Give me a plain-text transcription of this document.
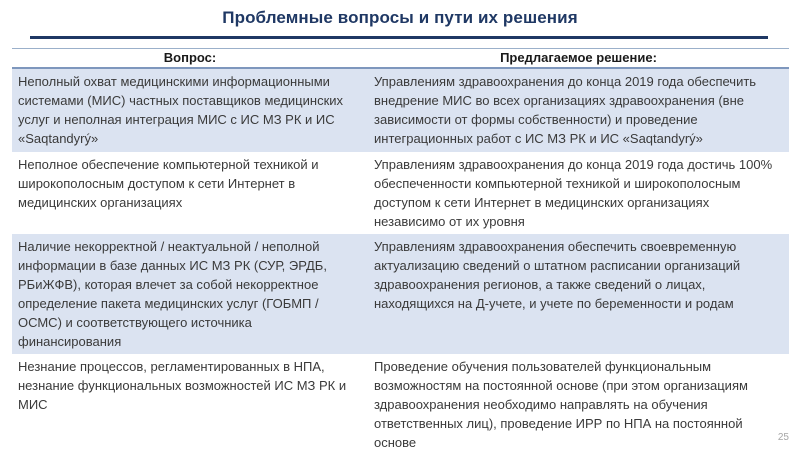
Проблемные вопросы и пути их решения
Вопрос:	Предлагаемое решение:
Неполный охват медицинскими информационными системами (МИС) частных поставщиков медицинских услуг и неполная интеграция МИС с ИС МЗ РК и ИС «Saqtandyrý»	Управлениям здравоохранения до конца 2019 года обеспечить внедрение МИС во всех организациях здравоохранения (вне зависимости от формы собственности) и проведение интеграционных работ с ИС МЗ РК и ИС «Saqtandyrý»
Неполное обеспечение компьютерной техникой и широкополосным доступом к сети Интернет в медицинских организациях	Управлениям здравоохранения до конца 2019 года достичь 100% обеспеченности компьютерной техникой и широкополосным доступом к сети Интернет в медицинских организациях независимо от их уровня
Наличие некорректной / неактуальной / неполной информации в базе данных ИС МЗ РК (СУР, ЭРДБ, РБиЖФВ), которая влечет за собой некорректное определение пакета медицинских услуг (ГОБМП / ОСМС) и соответствующего источника финансирования	Управлениям здравоохранения обеспечить своевременную актуализацию сведений о штатном расписании организаций здравоохранения регионов, а также сведений о лицах, находящихся на Д-учете, и учете по беременности и родам
Незнание процессов, регламентированных в НПА, незнание функциональных возможностей ИС МЗ РК и МИС	Проведение обучения пользователей функциональным возможностям на постоянной основе (при этом организациям здравоохранения необходимо направлять на обучения ответственных лиц), проведение ИРР по НПА на постоянной основе	25
